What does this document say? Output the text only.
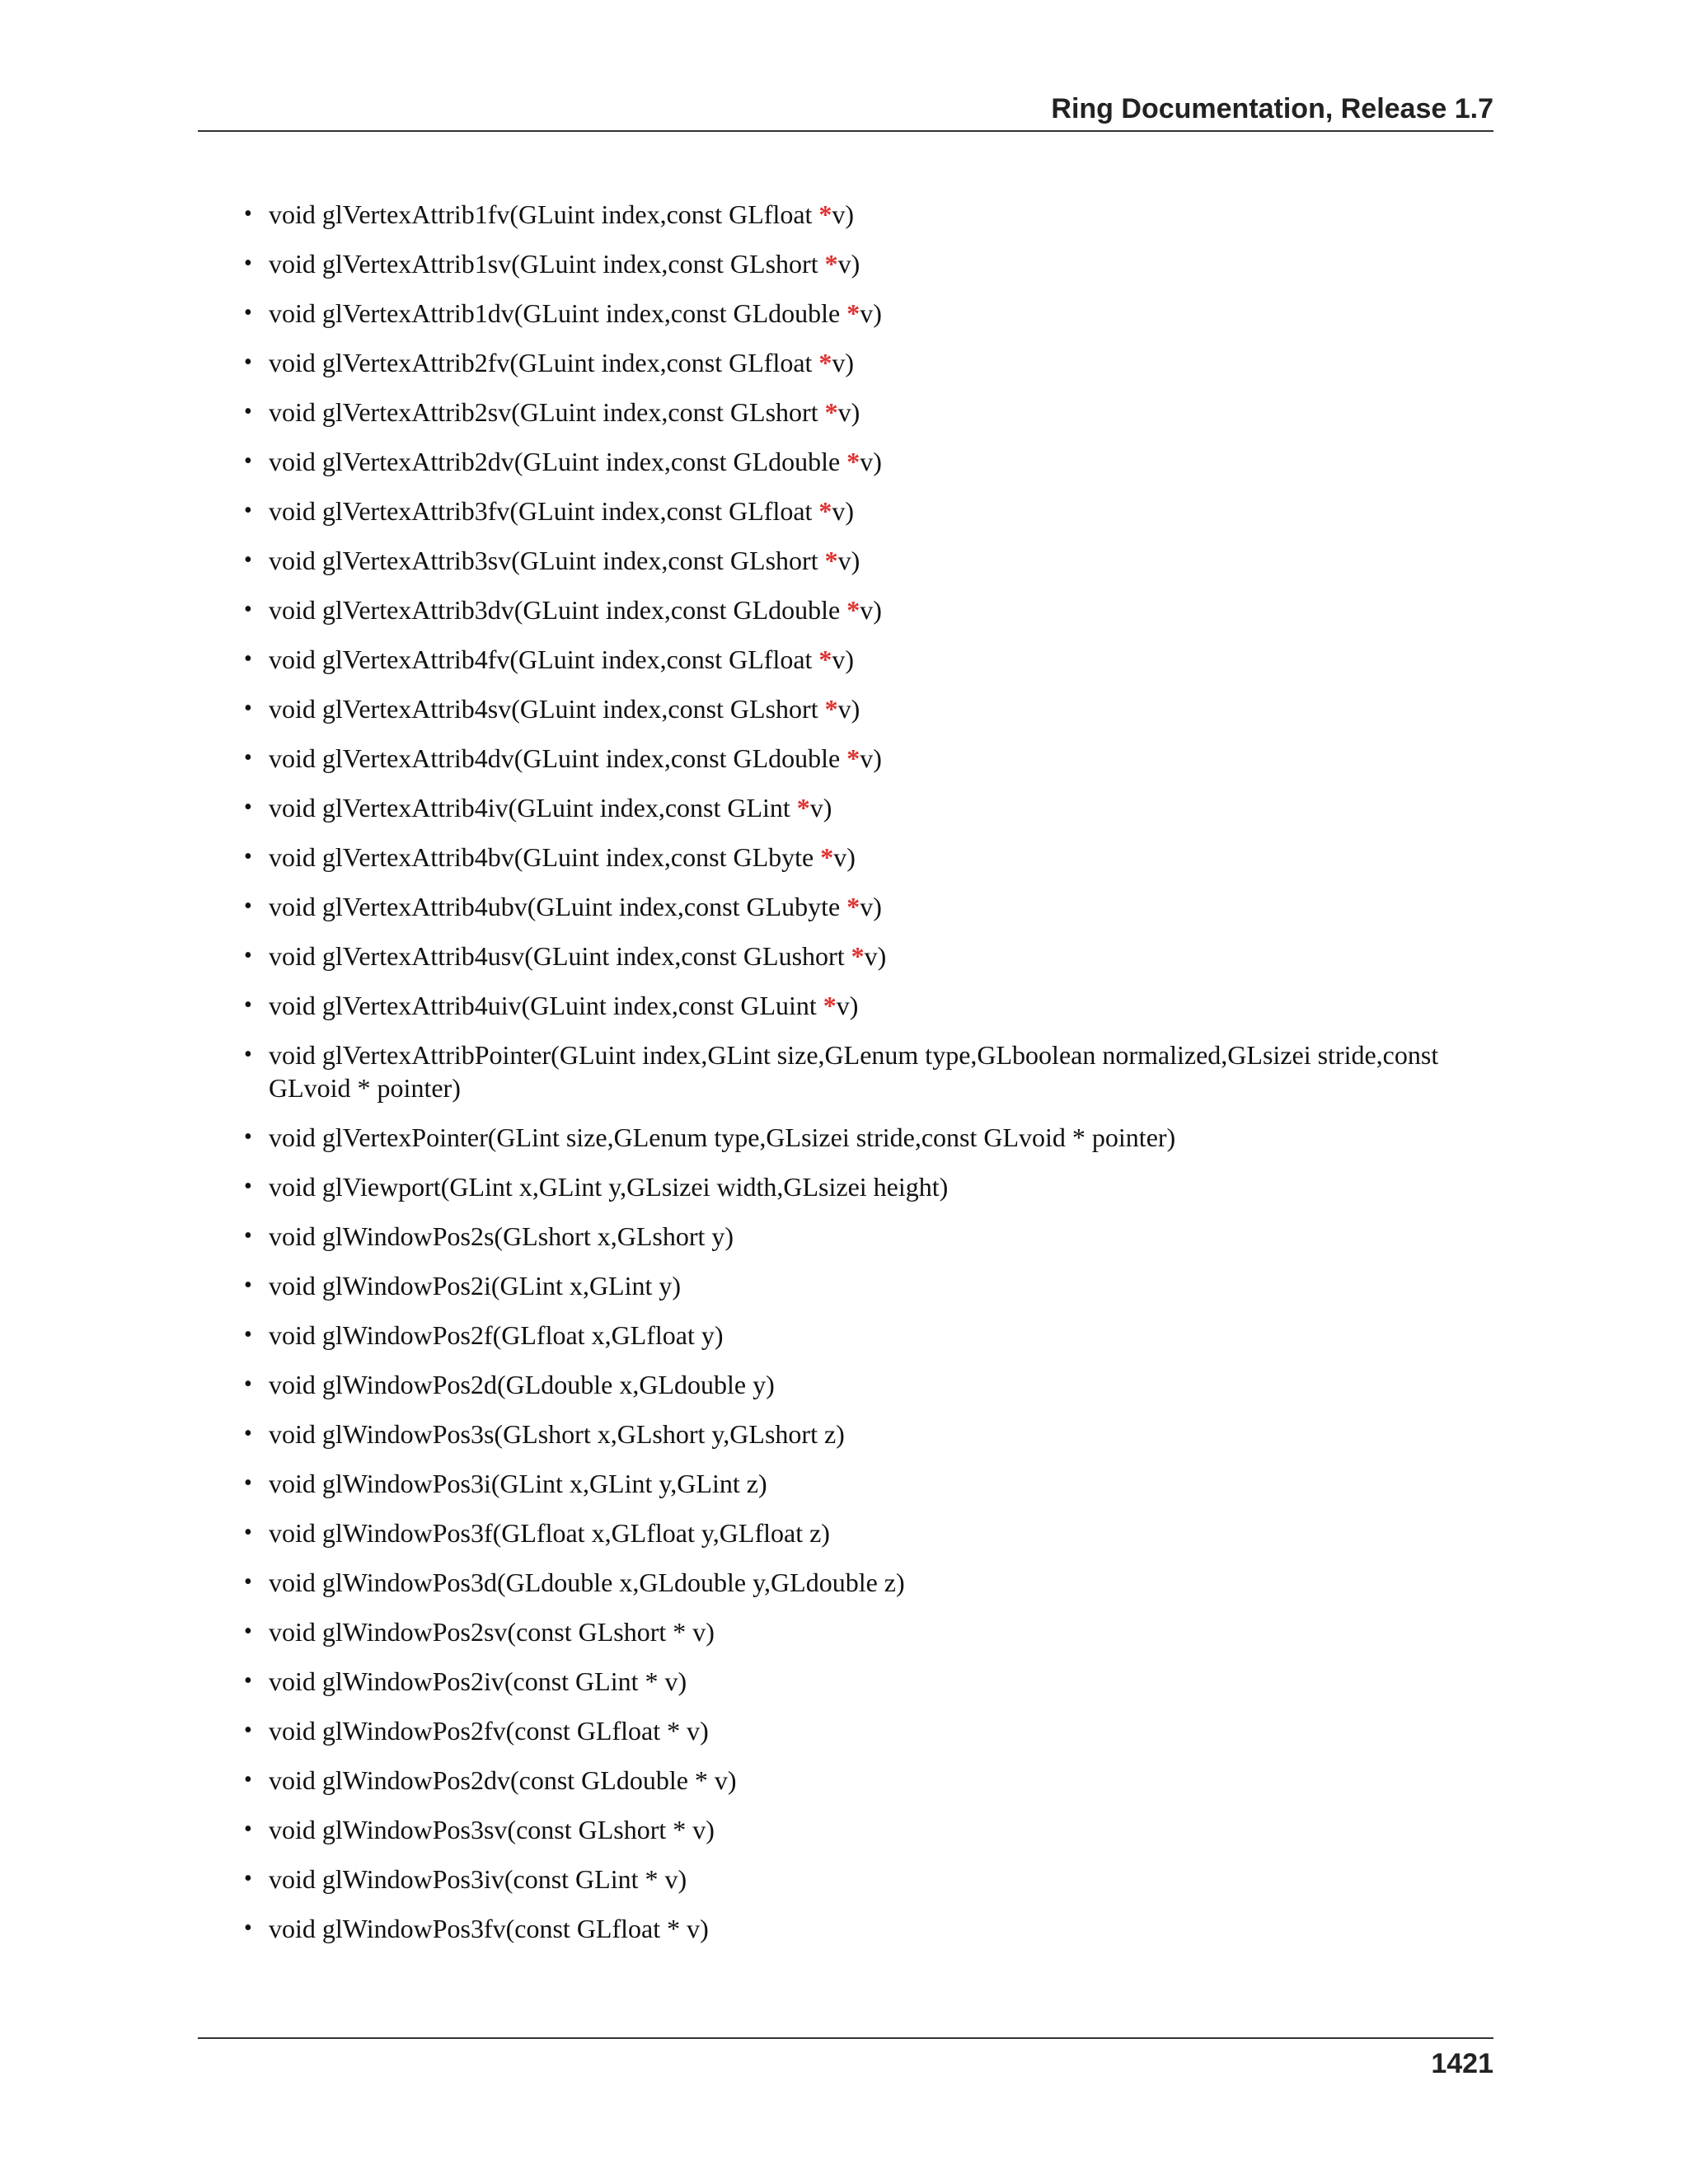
Ring Documentation, Release 1.7
• void glVertexAttrib1fv(GLuint index,const GLfloat *v)
• void glVertexAttrib1sv(GLuint index,const GLshort *v)
• void glVertexAttrib1dv(GLuint index,const GLdouble *v)
• void glVertexAttrib2fv(GLuint index,const GLfloat *v)
• void glVertexAttrib2sv(GLuint index,const GLshort *v)
• void glVertexAttrib2dv(GLuint index,const GLdouble *v)
• void glVertexAttrib3fv(GLuint index,const GLfloat *v)
• void glVertexAttrib3sv(GLuint index,const GLshort *v)
• void glVertexAttrib3dv(GLuint index,const GLdouble *v)
• void glVertexAttrib4fv(GLuint index,const GLfloat *v)
• void glVertexAttrib4sv(GLuint index,const GLshort *v)
• void glVertexAttrib4dv(GLuint index,const GLdouble *v)
• void glVertexAttrib4iv(GLuint index,const GLint *v)
• void glVertexAttrib4bv(GLuint index,const GLbyte *v)
• void glVertexAttrib4ubv(GLuint index,const GLubyte *v)
• void glVertexAttrib4usv(GLuint index,const GLushort *v)
• void glVertexAttrib4uiv(GLuint index,const GLuint *v)
• void glVertexAttribPointer(GLuint index,GLint size,GLenum type,GLboolean normalized,GLsizei stride,const
GLvoid * pointer)
• void glVertexPointer(GLint size,GLenum type,GLsizei stride,const GLvoid * pointer)
• void glViewport(GLint x,GLint y,GLsizei width,GLsizei height)
• void glWindowPos2s(GLshort x,GLshort y)
• void glWindowPos2i(GLint x,GLint y)
• void glWindowPos2f(GLfloat x,GLfloat y)
• void glWindowPos2d(GLdouble x,GLdouble y)
• void glWindowPos3s(GLshort x,GLshort y,GLshort z)
• void glWindowPos3i(GLint x,GLint y,GLint z)
• void glWindowPos3f(GLfloat x,GLfloat y,GLfloat z)
• void glWindowPos3d(GLdouble x,GLdouble y,GLdouble z)
• void glWindowPos2sv(const GLshort * v)
• void glWindowPos2iv(const GLint * v)
• void glWindowPos2fv(const GLfloat * v)
• void glWindowPos2dv(const GLdouble * v)
• void glWindowPos3sv(const GLshort * v)
• void glWindowPos3iv(const GLint * v)
• void glWindowPos3fv(const GLfloat * v)
1421
